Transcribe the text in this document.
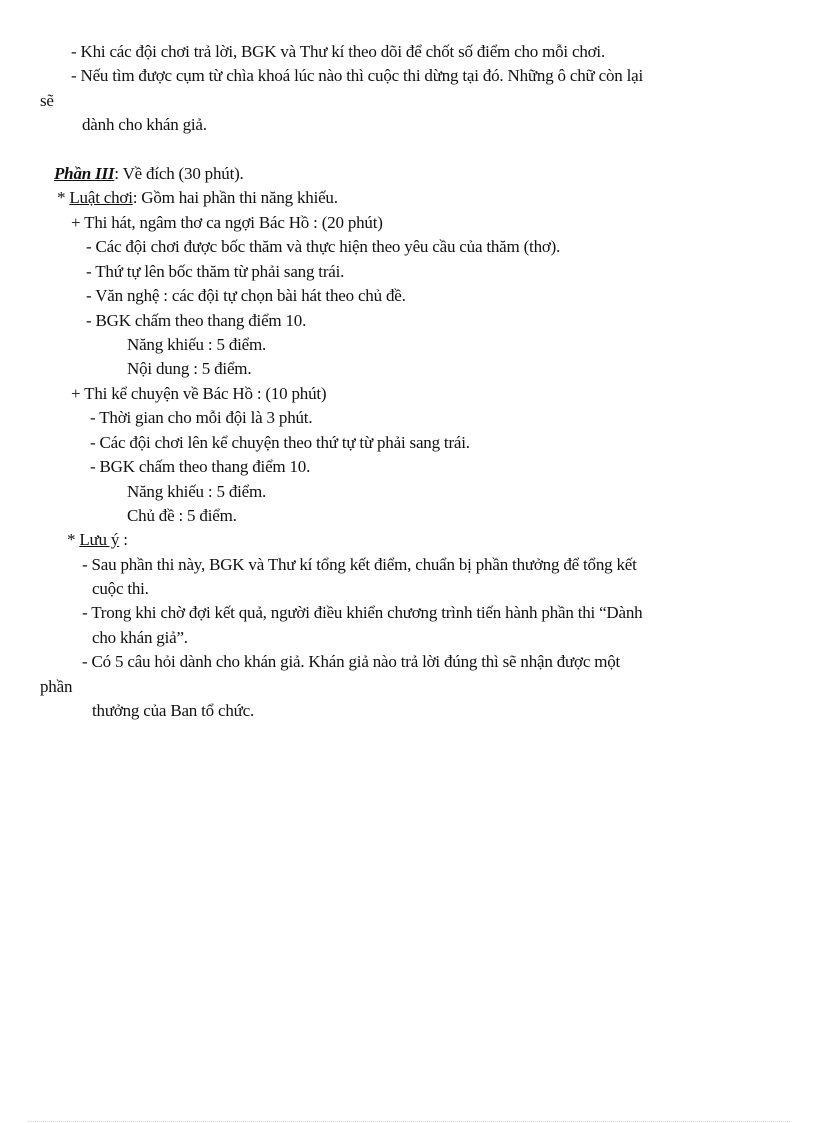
- Khi các đội chơi trả lời, BGK và Thư kí theo dõi để chốt số điểm cho mỗi chơi.
- Nếu tìm được cụm từ chìa khoá lúc nào thì cuộc thi dừng tại đó. Những ô chữ còn lại
sẽ
dành cho khán giả.
Phần III: Về đích (30 phút).
* Luật chơi: Gồm hai phần thi năng khiếu.
+ Thi hát, ngâm thơ ca ngợi Bác Hồ : (20 phút)
- Các đội chơi được bốc thăm và thực hiện theo yêu cầu của thăm (thơ).
- Thứ tự lên bốc thăm từ phải sang trái.
- Văn nghệ : các đội tự chọn bài hát theo chủ đề.
- BGK chấm theo thang điểm 10.
Năng khiếu : 5 điểm.
Nội dung : 5 điểm.
+ Thi kể chuyện về Bác Hồ : (10 phút)
- Thời gian cho mỗi đội là 3 phút.
- Các đội chơi lên kể chuyện theo thứ tự từ phải sang trái.
- BGK chấm theo thang điểm 10.
Năng khiếu : 5 điểm.
Chủ đề : 5 điểm.
* Lưu ý :
- Sau phần thi này, BGK và Thư kí tổng kết điểm, chuẩn bị phần thưởng để tổng kết
cuộc thi.
- Trong khi chờ đợi kết quả, người điều khiển chương trình tiến hành phần thi “Dành
cho khán giả”.
- Có 5 câu hỏi dành cho khán giả. Khán giả nào trả lời đúng thì sẽ nhận được một
phần
thưởng của Ban tổ chức.
